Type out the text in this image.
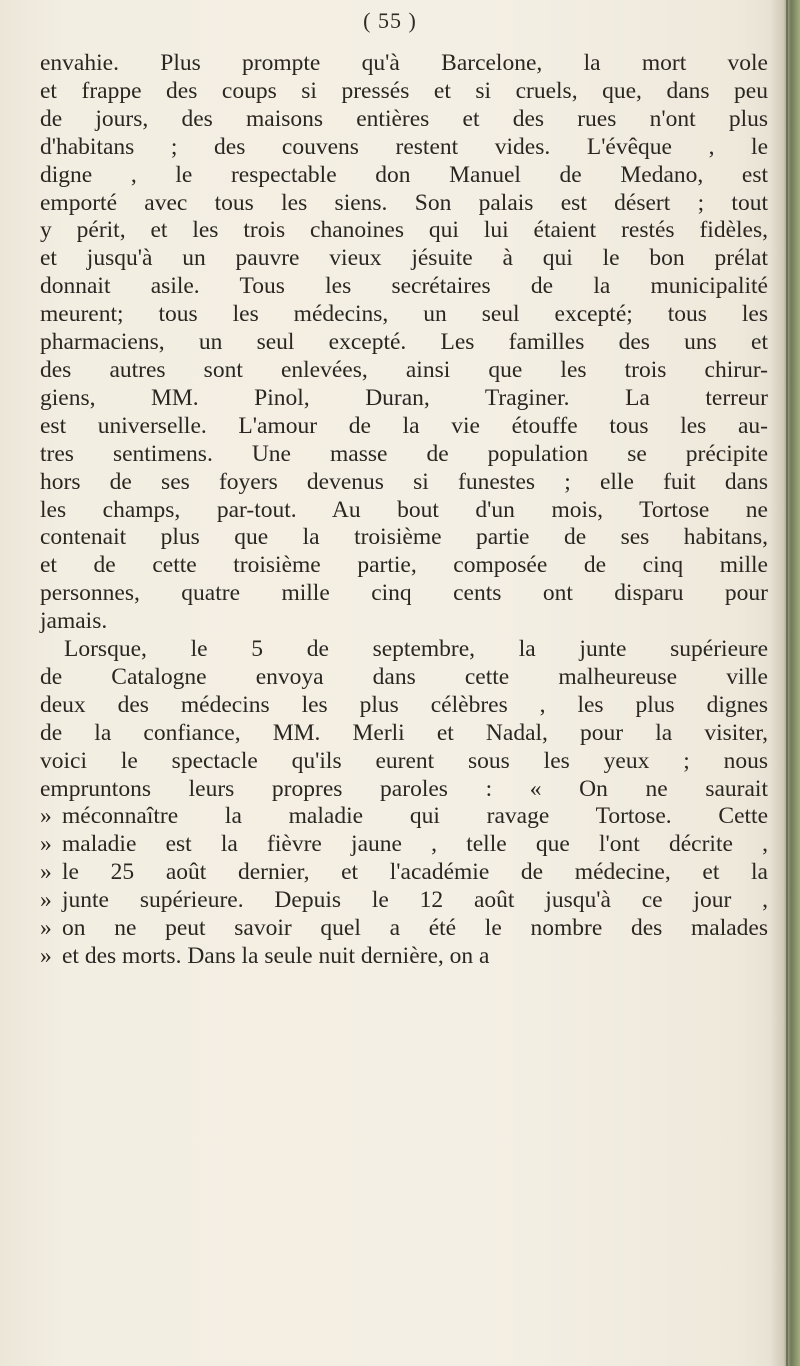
( 55 )

envahie. Plus prompte qu'à Barcelone, la mort vole
et frappe des coups si pressés et si cruels, que, dans peu
de jours, des maisons entières et des rues n'ont plus
d'habitans ; des couvens restent vides. L'évêque , le
digne , le respectable don Manuel de Medano, est
emporté avec tous les siens. Son palais est désert ; tout
y périt, et les trois chanoines qui lui étaient restés fidèles,
et jusqu'à un pauvre vieux jésuite à qui le bon prélat
donnait asile. Tous les secrétaires de la municipalité
meurent; tous les médecins, un seul excepté; tous les
pharmaciens, un seul excepté. Les familles des uns et
des autres sont enlevées, ainsi que les trois chirur-
giens, MM. Pinol, Duran, Traginer. La terreur
est universelle. L'amour de la vie étouffe tous les au-
tres sentimens. Une masse de population se précipite
hors de ses foyers devenus si funestes ; elle fuit dans
les champs, par-tout. Au bout d'un mois, Tortose ne
contenait plus que la troisième partie de ses habitans,
et de cette troisième partie, composée de cinq mille
personnes, quatre mille cinq cents ont disparu pour
jamais.

Lorsque, le 5 de septembre, la junte supérieure
de Catalogne envoya dans cette malheureuse ville
deux des médecins les plus célèbres , les plus dignes
de la confiance, MM. Merli et Nadal, pour la visiter,
voici le spectacle qu'ils eurent sous les yeux ; nous
empruntons leurs propres paroles : « On ne saurait

» méconnaître la maladie qui ravage Tortose. Cette
» maladie est la fièvre jaune , telle que l'ont décrite ,
» le 25 août dernier, et l'académie de médecine, et la
» junte supérieure. Depuis le 12 août jusqu'à ce jour ,
» on ne peut savoir quel a été le nombre des malades
» et des morts. Dans la seule nuit dernière, on a
